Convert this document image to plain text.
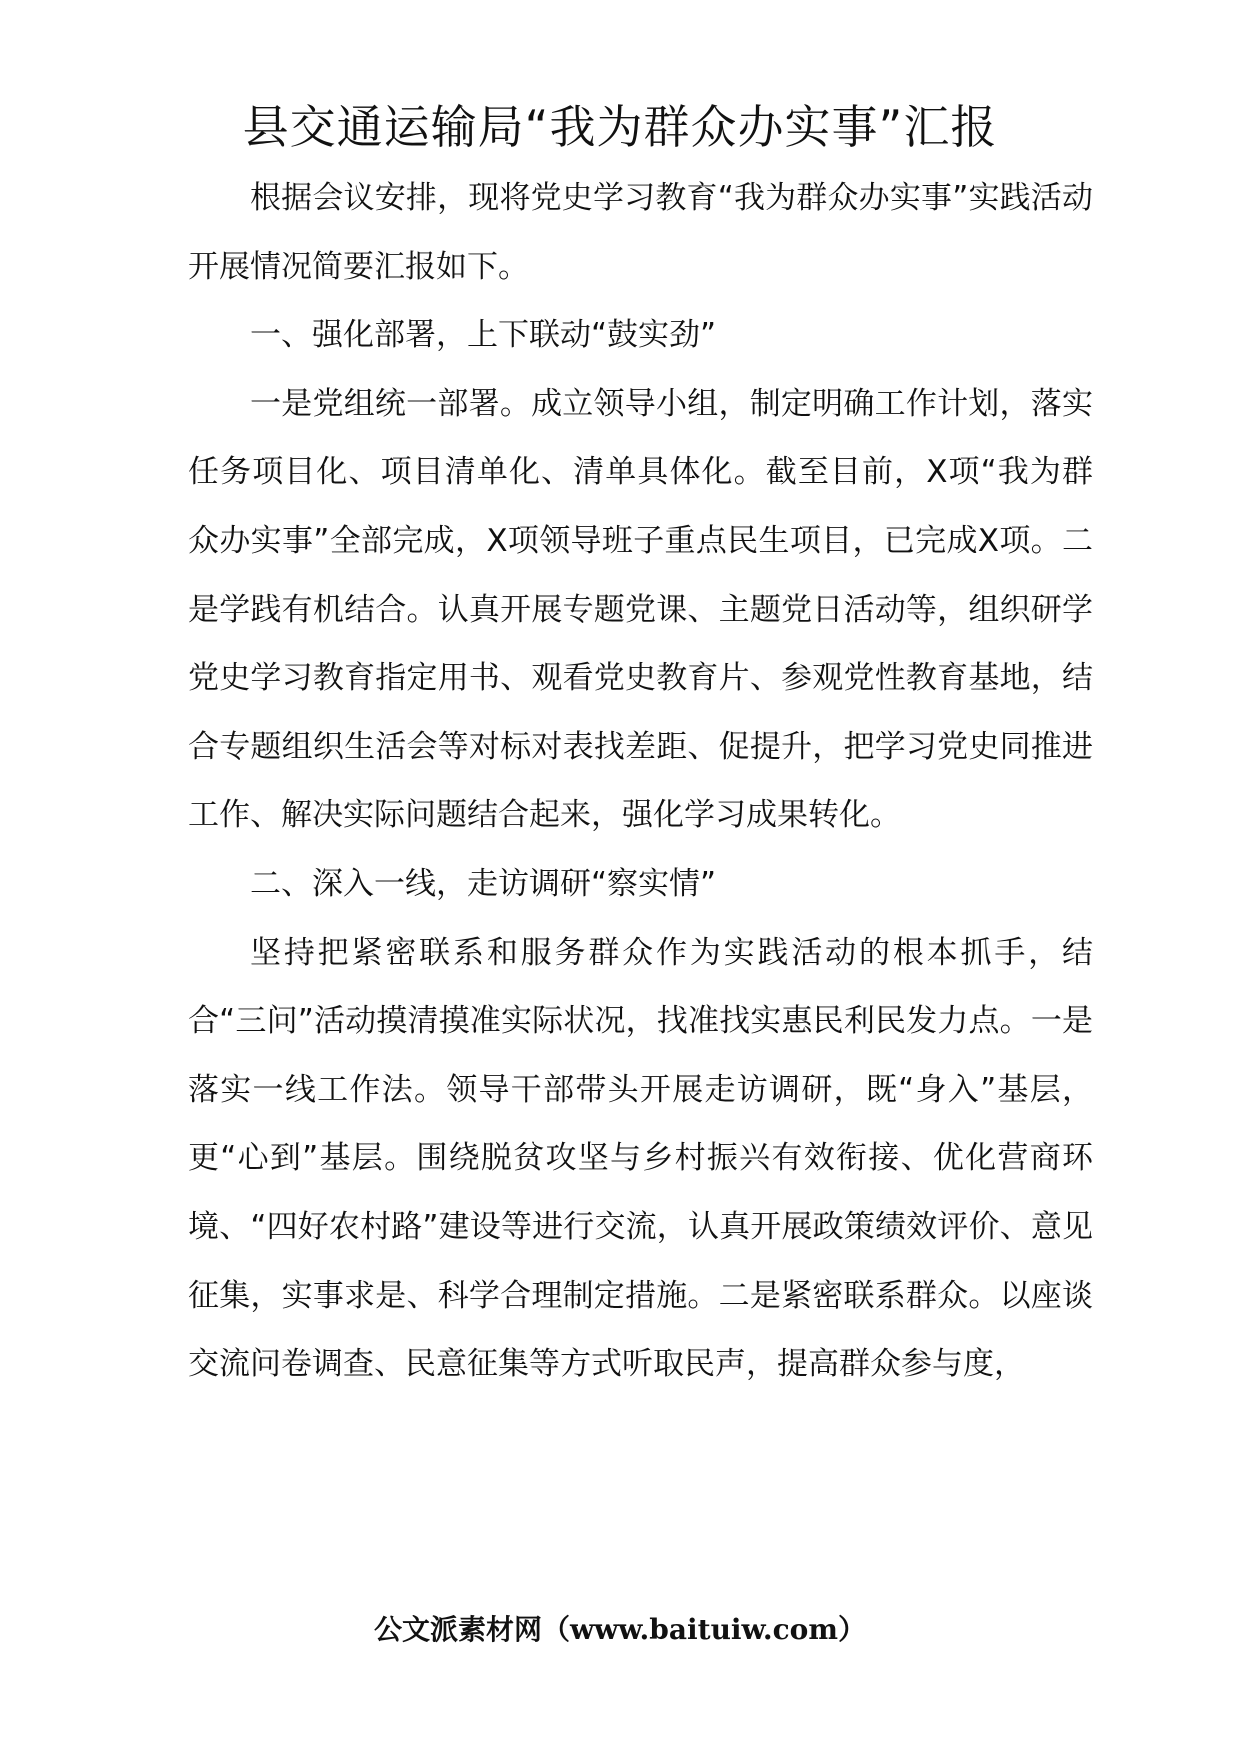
县交通运输局“我为群众办实事”汇报

根据会议安排，现将党史学习教育“我为群众办实事”实践活动开展情况简要汇报如下。

一、强化部署，上下联动“鼓实劲”

一是党组统一部署。成立领导小组，制定明确工作计划，落实任务项目化、项目清单化、清单具体化。截至目前，X项“我为群众办实事”全部完成，X项领导班子重点民生项目，已完成X项。二是学践有机结合。认真开展专题党课、主题党日活动等，组织研学党史学习教育指定用书、观看党史教育片、参观党性教育基地，结合专题组织生活会等对标对表找差距、促提升，把学习党史同推进工作、解决实际问题结合起来，强化学习成果转化。

二、深入一线，走访调研“察实情”

坚持把紧密联系和服务群众作为实践活动的根本抓手，结合“三问”活动摸清摸准实际状况，找准找实惠民利民发力点。一是落实一线工作法。领导干部带头开展走访调研，既“身入”基层，更“心到”基层。围绕脱贫攻坚与乡村振兴有效衔接、优化营商环境、“四好农村路”建设等进行交流，认真开展政策绩效评价、意见征集，实事求是、科学合理制定措施。二是紧密联系群众。以座谈交流问卷调查、民意征集等方式听取民声，提高群众参与度，

公文派素材网（www.baituiw.com）
